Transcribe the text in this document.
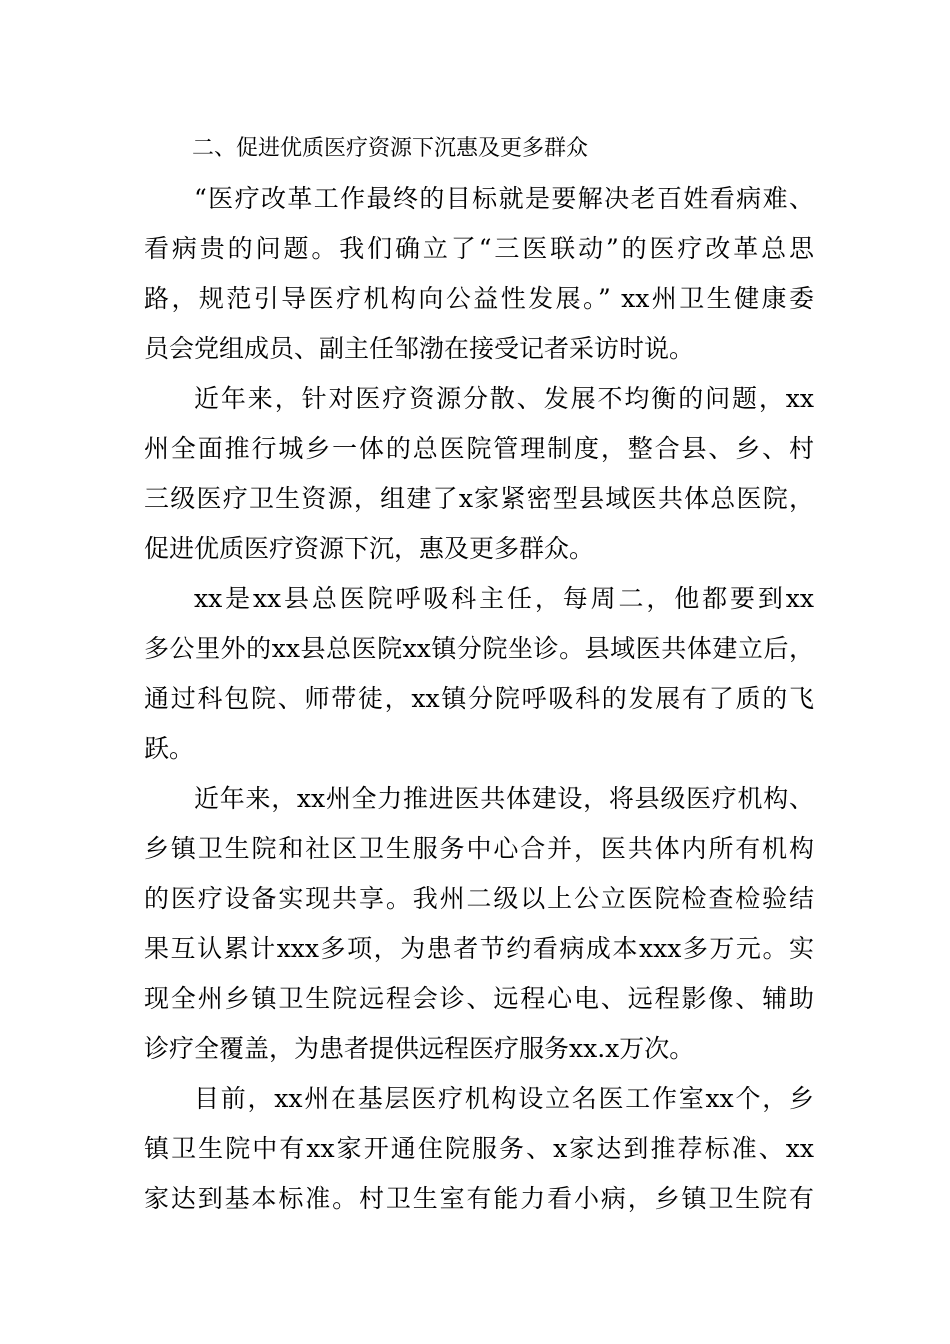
二、促进优质医疗资源下沉惠及更多群众
“医疗改革工作最终的目标就是要解决老百姓看病难、
看病贵的问题。我们确立了“三医联动”的医疗改革总思
路，规范引导医疗机构向公益性发展。” xx州卫生健康委
员会党组成员、副主任邹渤在接受记者采访时说。
近年来，针对医疗资源分散、发展不均衡的问题，xx
州全面推行城乡一体的总医院管理制度，整合县、乡、村
三级医疗卫生资源，组建了x家紧密型县域医共体总医院，
促进优质医疗资源下沉，惠及更多群众。
xx是xx县总医院呼吸科主任，每周二，他都要到xx
多公里外的xx县总医院xx镇分院坐诊。县域医共体建立后，
通过科包院、师带徒，xx镇分院呼吸科的发展有了质的飞
跃。
近年来，xx州全力推进医共体建设，将县级医疗机构、
乡镇卫生院和社区卫生服务中心合并，医共体内所有机构
的医疗设备实现共享。我州二级以上公立医院检查检验结
果互认累计xxx多项，为患者节约看病成本xxx多万元。实
现全州乡镇卫生院远程会诊、远程心电、远程影像、辅助
诊疗全覆盖，为患者提供远程医疗服务xx.x万次。
目前，xx州在基层医疗机构设立名医工作室xx个，乡
镇卫生院中有xx家开通住院服务、x家达到推荐标准、xx
家达到基本标准。村卫生室有能力看小病，乡镇卫生院有
